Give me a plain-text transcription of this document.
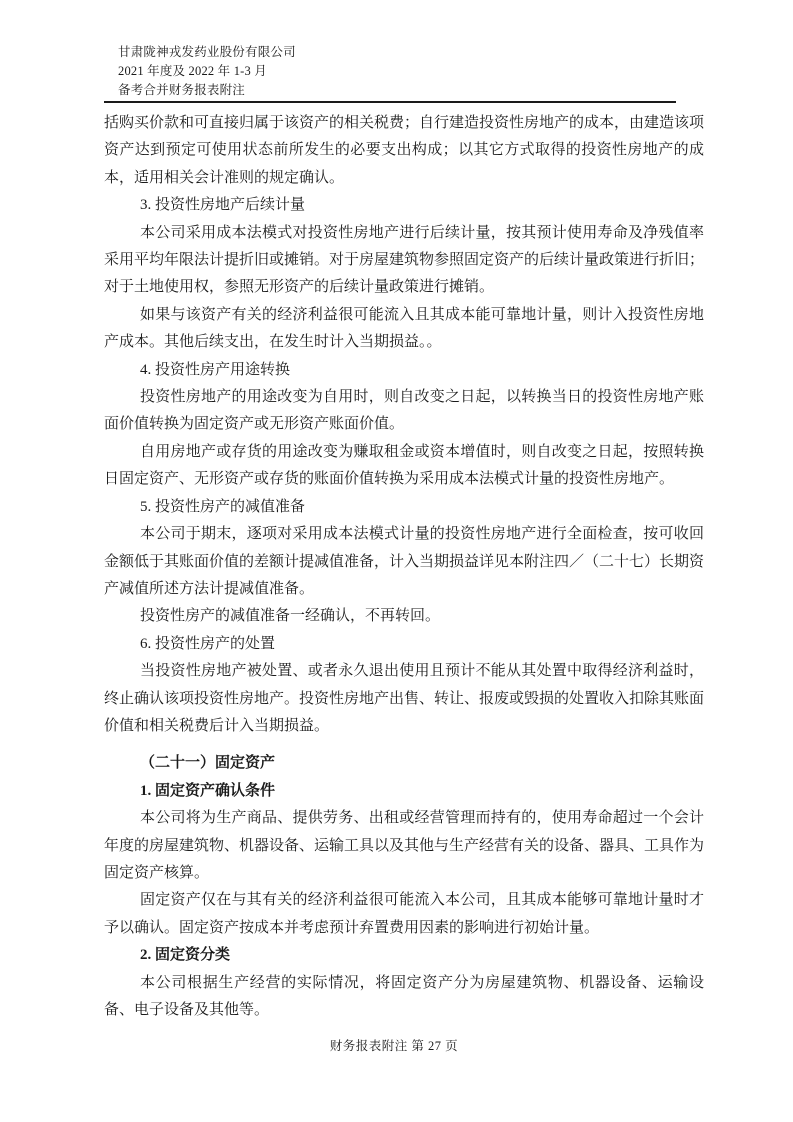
甘肃陇神戎发药业股份有限公司
2021 年度及 2022 年 1-3 月
备考合并财务报表附注

括购买价款和可直接归属于该资产的相关税费；自行建造投资性房地产的成本，由建造该项资产达到预定可使用状态前所发生的必要支出构成；以其它方式取得的投资性房地产的成本，适用相关会计准则的规定确认。

3. 投资性房地产后续计量

本公司采用成本法模式对投资性房地产进行后续计量，按其预计使用寿命及净残值率采用平均年限法计提折旧或摊销。对于房屋建筑物参照固定资产的后续计量政策进行折旧；对于土地使用权，参照无形资产的后续计量政策进行摊销。

如果与该资产有关的经济利益很可能流入且其成本能可靠地计量，则计入投资性房地产成本。其他后续支出，在发生时计入当期损益。。

4. 投资性房产用途转换

投资性房地产的用途改变为自用时，则自改变之日起，以转换当日的投资性房地产账面价值转换为固定资产或无形资产账面价值。

自用房地产或存货的用途改变为赚取租金或资本增值时，则自改变之日起，按照转换日固定资产、无形资产或存货的账面价值转换为采用成本法模式计量的投资性房地产。

5. 投资性房产的减值准备

本公司于期末，逐项对采用成本法模式计量的投资性房地产进行全面检查，按可收回金额低于其账面价值的差额计提减值准备，计入当期损益详见本附注四／（二十七）长期资产减值所述方法计提减值准备。

投资性房产的减值准备一经确认，不再转回。

6. 投资性房产的处置

当投资性房地产被处置、或者永久退出使用且预计不能从其处置中取得经济利益时，终止确认该项投资性房地产。投资性房地产出售、转让、报废或毁损的处置收入扣除其账面价值和相关税费后计入当期损益。

（二十一）固定资产

1. 固定资产确认条件

本公司将为生产商品、提供劳务、出租或经营管理而持有的，使用寿命超过一个会计年度的房屋建筑物、机器设备、运输工具以及其他与生产经营有关的设备、器具、工具作为固定资产核算。

固定资产仅在与其有关的经济利益很可能流入本公司，且其成本能够可靠地计量时才予以确认。固定资产按成本并考虑预计弃置费用因素的影响进行初始计量。

2. 固定资分类

本公司根据生产经营的实际情况，将固定资产分为房屋建筑物、机器设备、运输设备、电子设备及其他等。

财务报表附注 第 27 页
